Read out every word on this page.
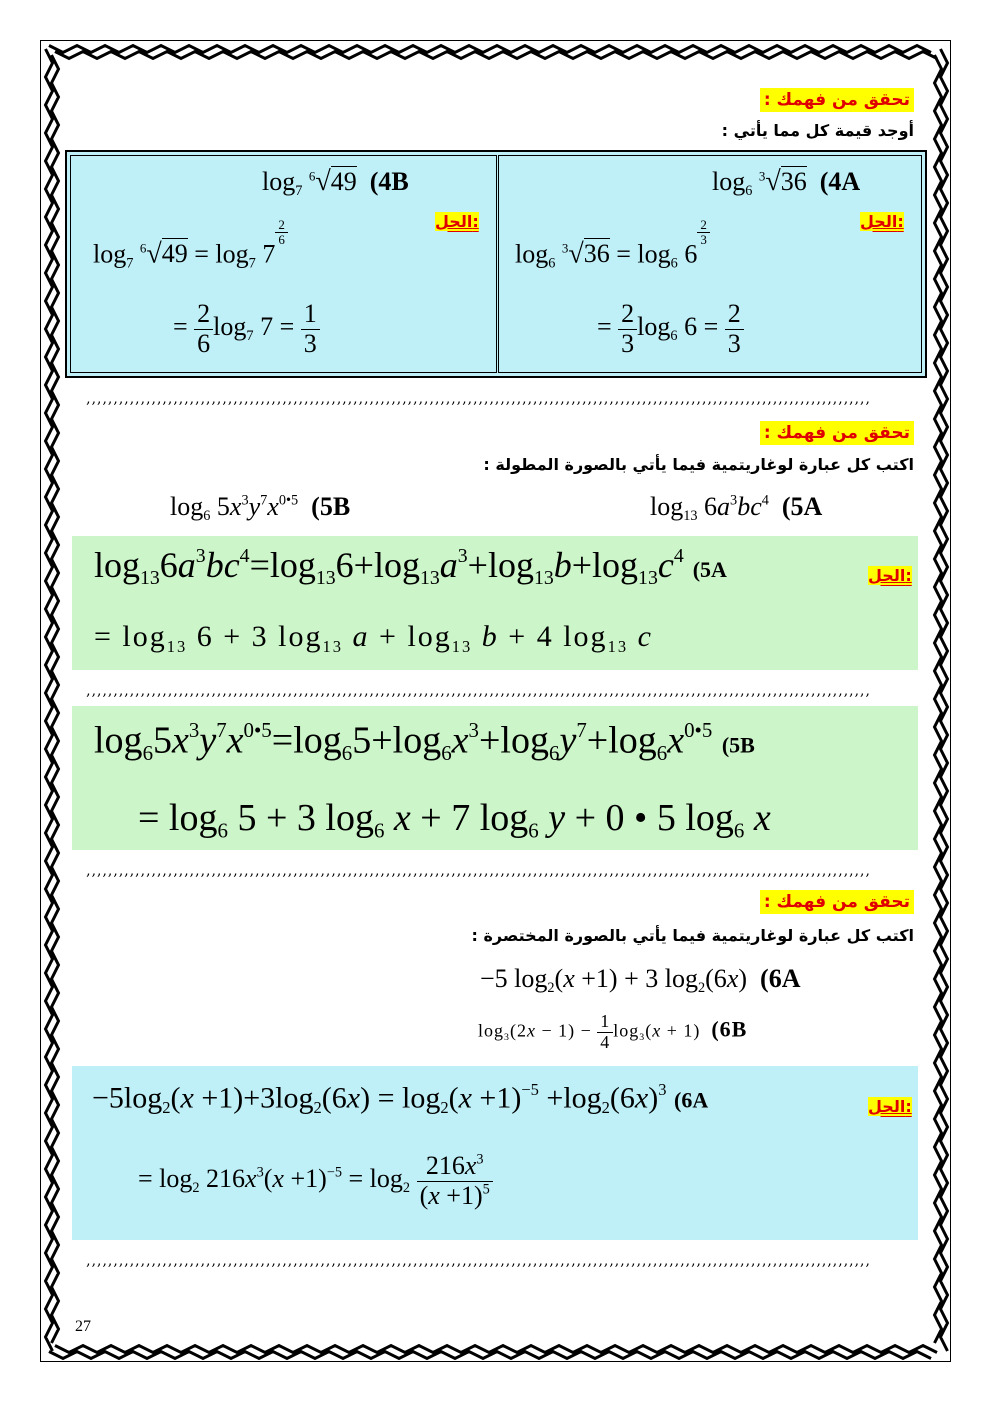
تحقق من فهمك :
أوجد قيمة كل مما يأتي :
$\log_6 ^3√36$ (4A
$\log_6 ^3√36 = \log_6 6$
$\frac{2}{3}$	الحل:
= $\frac{2}{3} \log_6 6 = \frac{2}{3}$
$\log_7 ^6√49$ (4B
$\log_7 ^6√49 = \log_7 7$
$\frac{2}{6}$	الحل:
= $\frac{2}{6} \log_7 7 = \frac{1}{3}$
‚‚‚‚‚‚‚‚‚‚‚‚‚‚‚‚‚‚‚‚‚‚‚‚‚‚‚‚‚‚‚‚‚‚‚‚‚‚‚‚‚‚‚‚‚‚‚‚‚‚‚‚‚‚‚‚‚‚‚‚‚‚‚‚‚‚‚‚‚‚‚‚‚‚‚‚‚‚‚‚‚‚‚‚‚‚‚‚‚‚‚‚‚‚‚‚‚‚‚‚‚‚‚‚‚‚‚‚‚‚‚‚‚‚‚‚‚‚‚‚‚‚‚‚‚‚‚‚‚‚‚‚‚‚‚‚‚‚‚‚‚‚‚‚
تحقق من فهمك :
اكتب كل عبارة لوغاريتمية فيما يأتي بالصورة المطولة :
$\log_{13} 6a^3bc^4$ (5A
$\log_6 5x^3y^7x^{0•5}$ (5B
الحل:
$\log_{13}6a^3bc^4=\log_{13}6+\log_{13}a^3+\log_{13}b+\log_{13}c^4$ (5A
= $\log_{13} 6 + 3$ $\log_{13} a + \log_{13} b + 4$ $\log_{13} c$
‚‚‚‚‚‚‚‚‚‚‚‚‚‚‚‚‚‚‚‚‚‚‚‚‚‚‚‚‚‚‚‚‚‚‚‚‚‚‚‚‚‚‚‚‚‚‚‚‚‚‚‚‚‚‚‚‚‚‚‚‚‚‚‚‚‚‚‚‚‚‚‚‚‚‚‚‚‚‚‚‚‚‚‚‚‚‚‚‚‚‚‚‚‚‚‚‚‚‚‚‚‚‚‚‚‚‚‚‚‚‚‚‚‚‚‚‚‚‚‚‚‚‚‚‚‚‚‚‚‚‚‚‚‚‚‚‚‚‚‚‚‚‚‚
$\log_65x^3y^7x^{0•5}=\log_65+\log_6x^3+\log_6y^7+\log_6x^{0•5}$ (5B
= $\log_6 5 + 3$ $\log_6 x + 7$ $\log_6 y + 0$ • 5 $\log_6 x$
‚‚‚‚‚‚‚‚‚‚‚‚‚‚‚‚‚‚‚‚‚‚‚‚‚‚‚‚‚‚‚‚‚‚‚‚‚‚‚‚‚‚‚‚‚‚‚‚‚‚‚‚‚‚‚‚‚‚‚‚‚‚‚‚‚‚‚‚‚‚‚‚‚‚‚‚‚‚‚‚‚‚‚‚‚‚‚‚‚‚‚‚‚‚‚‚‚‚‚‚‚‚‚‚‚‚‚‚‚‚‚‚‚‚‚‚‚‚‚‚‚‚‚‚‚‚‚‚‚‚‚‚‚‚‚‚‚‚‚‚‚‚‚‚
تحقق من فهمك :
اكتب كل عبارة لوغاريتمية فيما يأتي بالصورة المختصرة :
−5 $\log_2(x +1) + 3$ $\log_2(6x)$  (6A
$\log_3(2x - 1) - \frac{1}{4} \log_3(x + 1)$  (6B
الحل:
$-5\log_2(x +1)+3\log_2(6x) = \log_2(x +1)^{-5} +\log_2(6x)^3$ (6A
= $\log_2 216x^3(x +1)^{-5} = \log_2 \frac{216x^3}{(x +1)^5}$
‚‚‚‚‚‚‚‚‚‚‚‚‚‚‚‚‚‚‚‚‚‚‚‚‚‚‚‚‚‚‚‚‚‚‚‚‚‚‚‚‚‚‚‚‚‚‚‚‚‚‚‚‚‚‚‚‚‚‚‚‚‚‚‚‚‚‚‚‚‚‚‚‚‚‚‚‚‚‚‚‚‚‚‚‚‚‚‚‚‚‚‚‚‚‚‚‚‚‚‚‚‚‚‚‚‚‚‚‚‚‚‚‚‚‚‚‚‚‚‚‚‚‚‚‚‚‚‚‚‚‚‚‚‚‚‚‚‚‚‚‚‚‚‚
27
